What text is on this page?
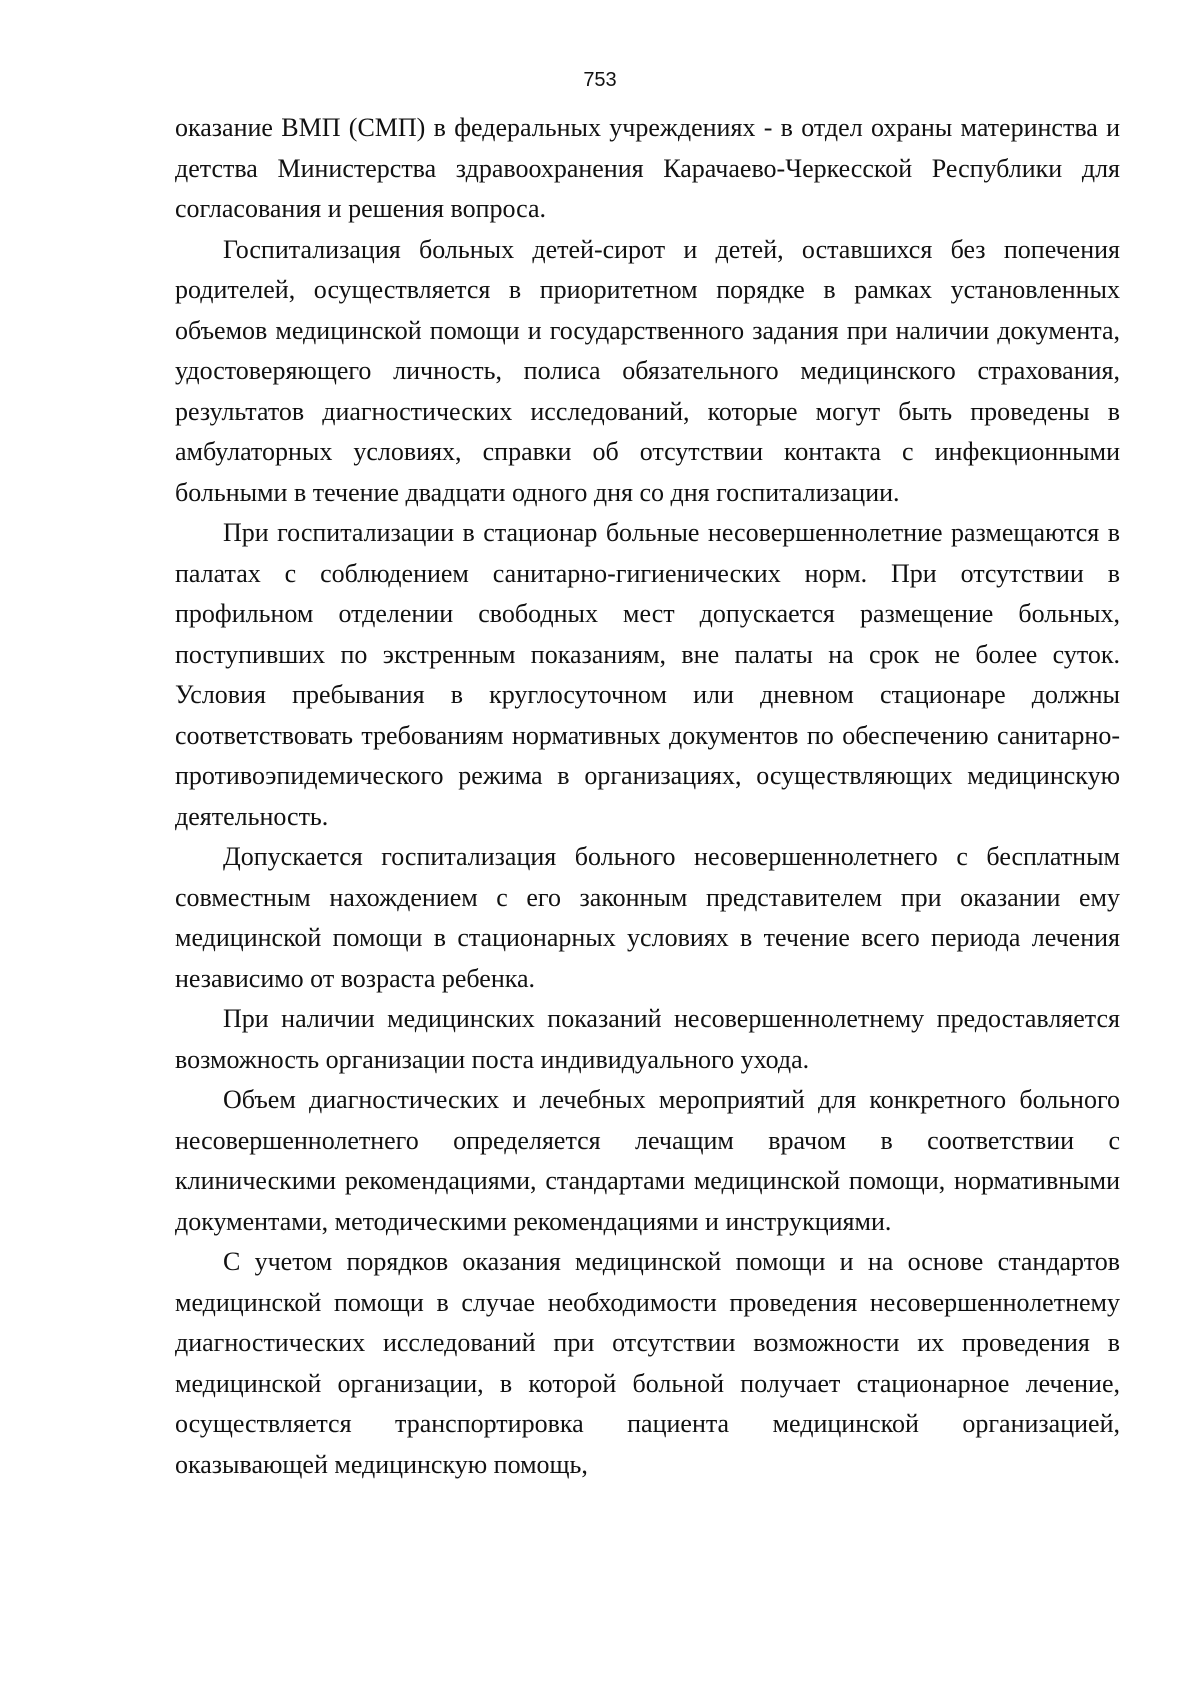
753

оказание ВМП (СМП) в федеральных учреждениях - в отдел охраны материнства и детства Министерства здравоохранения Карачаево-Черкесской Республики для согласования и решения вопроса.

Госпитализация больных детей-сирот и детей, оставшихся без попечения родителей, осуществляется в приоритетном порядке в рамках установленных объемов медицинской помощи и государственного задания при наличии документа, удостоверяющего личность, полиса обязательного медицинского страхования, результатов диагностических исследований, которые могут быть проведены в амбулаторных условиях, справки об отсутствии контакта с инфекционными больными в течение двадцати одного дня со дня госпитализации.

При госпитализации в стационар больные несовершеннолетние размещаются в палатах с соблюдением санитарно-гигиенических норм. При отсутствии в профильном отделении свободных мест допускается размещение больных, поступивших по экстренным показаниям, вне палаты на срок не более суток. Условия пребывания в круглосуточном или дневном стационаре должны соответствовать требованиям нормативных документов по обеспечению санитарно-противоэпидемического режима в организациях, осуществляющих медицинскую деятельность.

Допускается госпитализация больного несовершеннолетнего с бесплатным совместным нахождением с его законным представителем при оказании ему медицинской помощи в стационарных условиях в течение всего периода лечения независимо от возраста ребенка.

При наличии медицинских показаний несовершеннолетнему предоставляется возможность организации поста индивидуального ухода.

Объем диагностических и лечебных мероприятий для конкретного больного несовершеннолетнего определяется лечащим врачом в соответствии с клиническими рекомендациями, стандартами медицинской помощи, нормативными документами, методическими рекомендациями и инструкциями.

С учетом порядков оказания медицинской помощи и на основе стандартов медицинской помощи в случае необходимости проведения несовершеннолетнему диагностических исследований при отсутствии возможности их проведения в медицинской организации, в которой больной получает стационарное лечение, осуществляется транспортировка пациента медицинской организацией, оказывающей медицинскую помощь,
